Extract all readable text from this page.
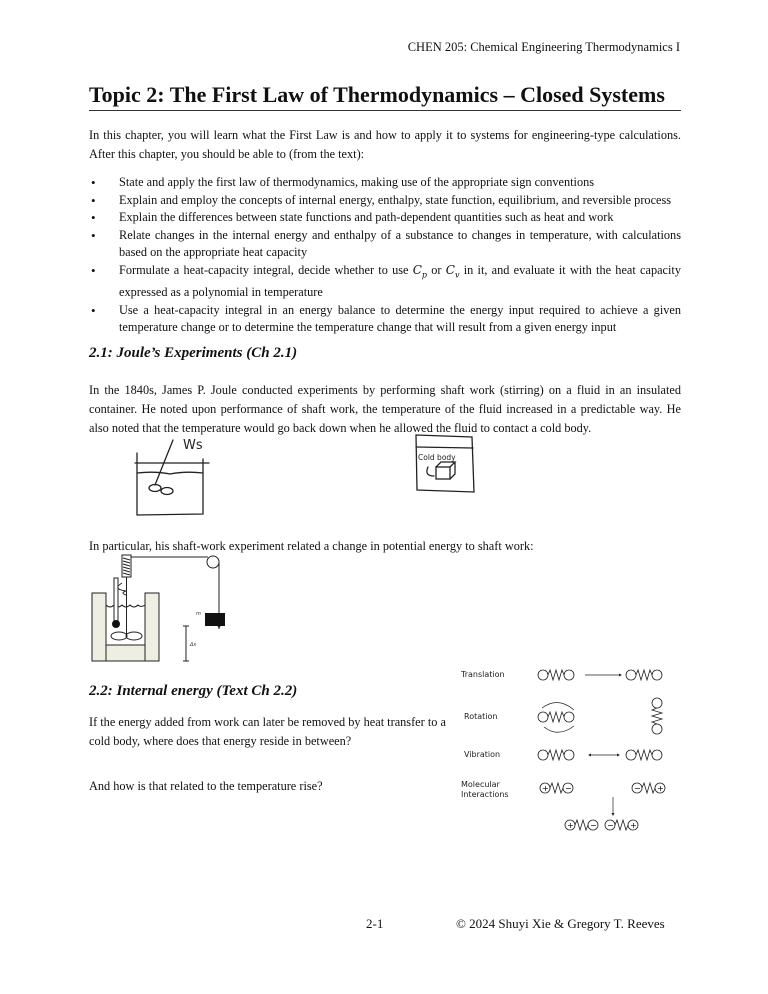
CHEN 205: Chemical Engineering Thermodynamics I
Topic 2: The First Law of Thermodynamics – Closed Systems
In this chapter, you will learn what the First Law is and how to apply it to systems for engineering-type calculations. After this chapter, you should be able to (from the text):
• State and apply the first law of thermodynamics, making use of the appropriate sign conventions
• Explain and employ the concepts of internal energy, enthalpy, state function, equilibrium, and reversible process
• Explain the differences between state functions and path-dependent quantities such as heat and work
• Relate changes in the internal energy and enthalpy of a substance to changes in temperature, with calculations based on the appropriate heat capacity
• Formulate a heat-capacity integral, decide whether to use $C_p$ or $C_v$ in it, and evaluate it with the heat capacity expressed as a polynomial in temperature
• Use a heat-capacity integral in an energy balance to determine the energy input required to achieve a given temperature change or to determine the temperature change that will result from a given energy input
2.1: Joule’s Experiments (Ch 2.1)
In the 1840s, James P. Joule conducted experiments by performing shaft work (stirring) on a fluid in an insulated container. He noted upon performance of shaft work, the temperature of the fluid increased in a predictable way. He also noted that the temperature would go back down when he allowed the fluid to contact a cold body.
Ws
Cold body
In particular, his shaft-work experiment related a change in potential energy to shaft work:
m
Δx
2.2: Internal energy (Text Ch 2.2)
If the energy added from work can later be removed by heat transfer to a cold body, where does that energy reside in between?
And how is that related to the temperature rise?
Translation
Rotation
Vibration
Molecular Interactions
+ −	− +
+ − − +
2-1	© 2024 Shuyi Xie & Gregory T. Reeves
